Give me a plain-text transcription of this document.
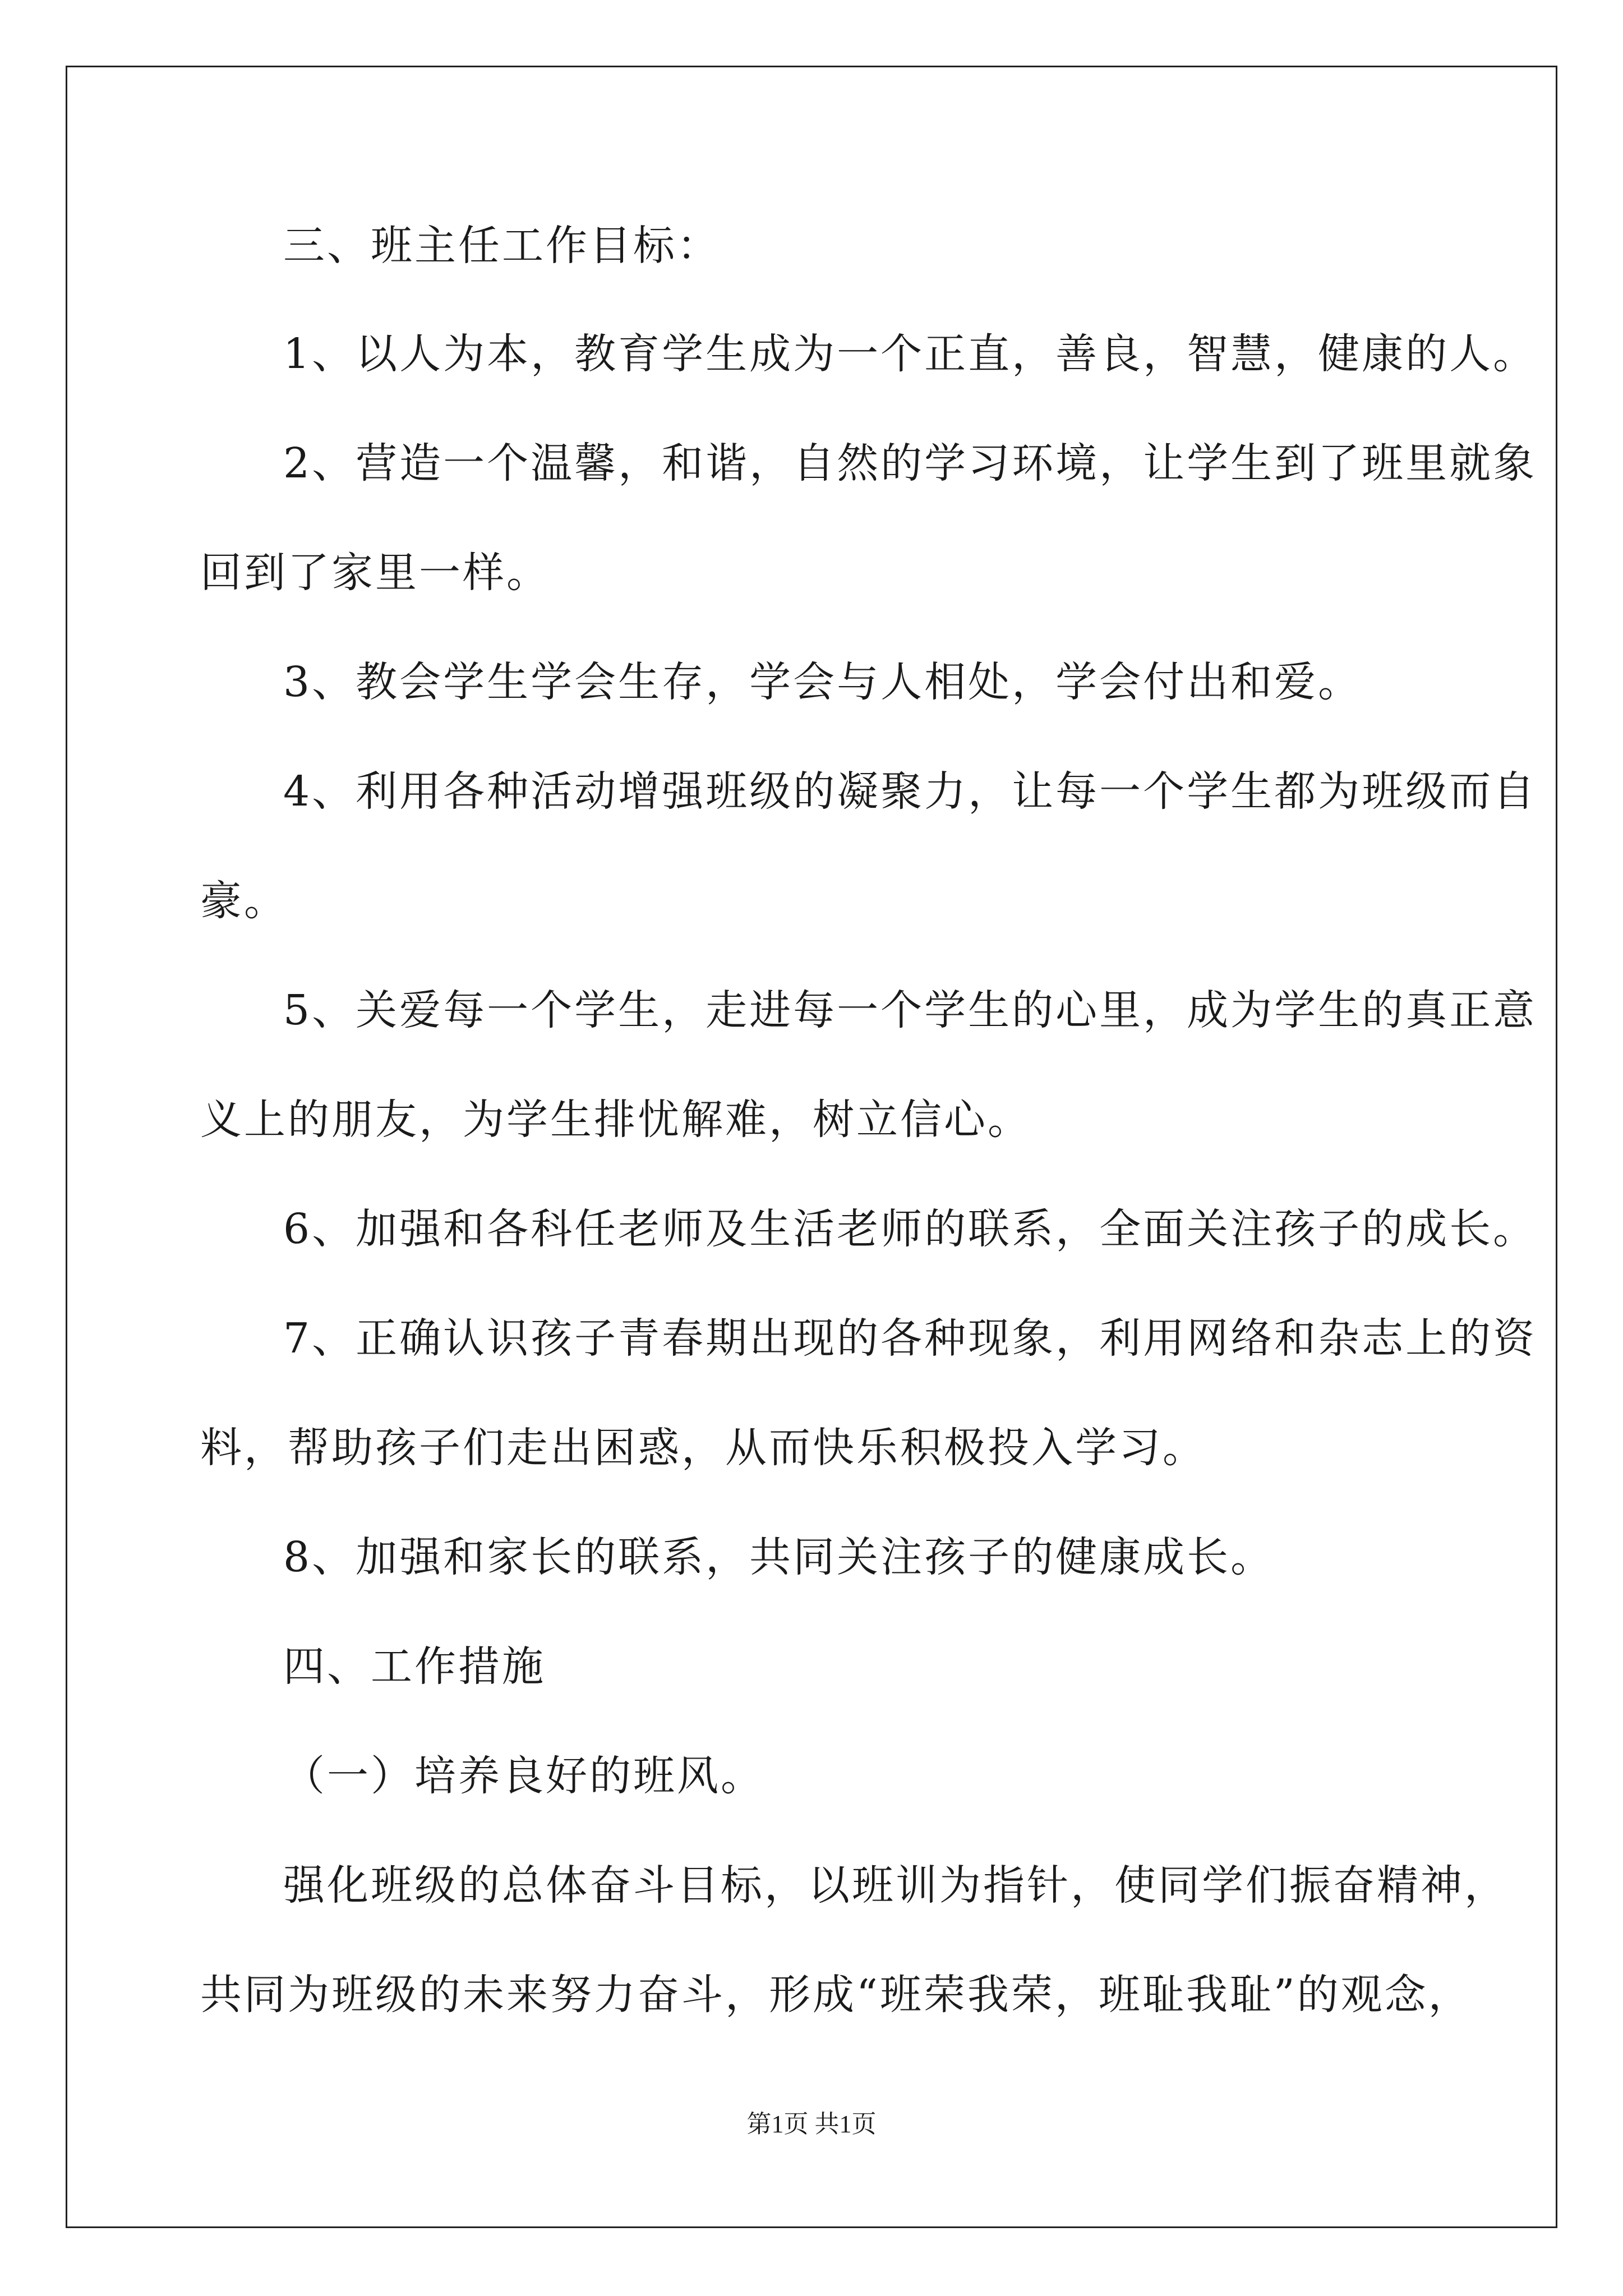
三、班主任工作目标：
1、以人为本，教育学生成为一个正直，善良，智慧，健康的人。
2、营造一个温馨，和谐，自然的学习环境，让学生到了班里就象
回到了家里一样。
3、教会学生学会生存，学会与人相处，学会付出和爱。
4、利用各种活动增强班级的凝聚力，让每一个学生都为班级而自
豪。
5、关爱每一个学生，走进每一个学生的心里，成为学生的真正意
义上的朋友，为学生排忧解难，树立信心。
6、加强和各科任老师及生活老师的联系，全面关注孩子的成长。
7、正确认识孩子青春期出现的各种现象，利用网络和杂志上的资
料，帮助孩子们走出困惑，从而快乐积极投入学习。
8、加强和家长的联系，共同关注孩子的健康成长。
四、工作措施
（一）培养良好的班风。
强化班级的总体奋斗目标，以班训为指针，使同学们振奋精神，
共同为班级的未来努力奋斗，形成“班荣我荣，班耻我耻”的观念，
第1页 共1页
